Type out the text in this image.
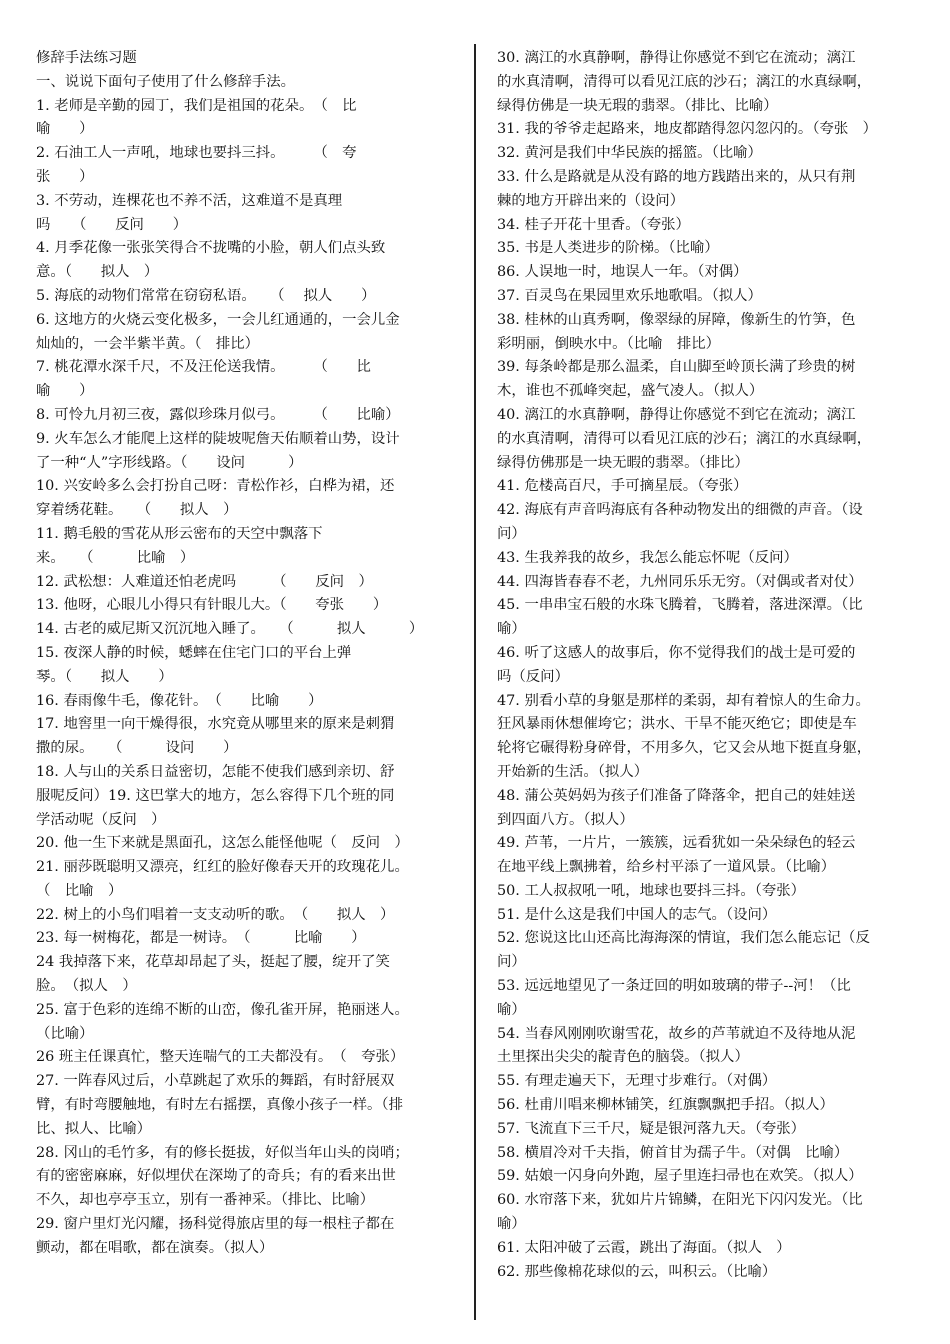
修辞手法练习题
一、说说下面句子使用了什么修辞手法。
1. 老师是辛勤的园丁，我们是祖国的花朵。　（　比
喻　　）
2. 石油工人一声吼，地球也要抖三抖。　　　（　夸
张　　）
3. 不劳动，连棵花也不养不活，这难道不是真理
吗　　（　　反问　　）
4. 月季花像一张张笑得合不拢嘴的小脸，朝人们点头致
意。（　　拟人　）
5. 海底的动物们常常在窃窃私语。　　（　 拟人　　）
6. 这地方的火烧云变化极多，一会儿红通通的，一会儿金
灿灿的，一会半紫半黄。（　排比）
7. 桃花潭水深千尺，不及汪伦送我情。　　　（　　比
喻　　）
8. 可怜九月初三夜，露似珍珠月似弓。　　　（　　比喻）
9. 火车怎么才能爬上这样的陡坡呢詹天佑顺着山势，设计
了一种“人”字形线路。（　　设问　　　）
10. 兴安岭多么会打扮自己呀：青松作衫，白桦为裙，还
穿着绣花鞋。　　（　　拟人　）
11. 鹅毛般的雪花从形云密布的天空中飘落下
来。　　（　　　比喻　）
12. 武松想：人难道还怕老虎吗　　　（　　反问　）
13. 他呀，心眼儿小得只有针眼儿大。（　　夸张　　）
14. 古老的威尼斯又沉沉地入睡了。　　（　　　拟人　　　）
15. 夜深人静的时候，蟋蟀在住宅门口的平台上弹
琴。（　　拟人　　）
16. 春雨像牛毛，像花针。　（　　比喻　　）
17. 地窖里一向干燥得很，水究竟从哪里来的原来是刺猬
撒的尿。　　（　　　设问　　）
18. 人与山的关系日益密切，怎能不使我们感到亲切、舒
服呢反问）19. 这巴掌大的地方，怎么容得下几个班的同
学活动呢（反问　）
20. 他一生下来就是黑面孔，这怎么能怪他呢（　反问　）
21. 丽莎既聪明又漂亮，红红的脸好像春天开的玫瑰花儿。
（　比喻　）
22. 树上的小鸟们唱着一支支动听的歌。　（　　拟人　）
23. 每一树梅花，都是一树诗。　（　　　比喻　　）
24 我掉落下来，花草却昂起了头，挺起了腰，绽开了笑
脸。　（拟人　）
25. 富于色彩的连绵不断的山峦，像孔雀开屏，艳丽迷人。
（比喻）
26 班主任课真忙，整天连喘气的工夫都没有。　（　夸张）
27. 一阵春风过后，小草跳起了欢乐的舞蹈，有时舒展双
臂，有时弯腰触地，有时左右摇摆，真像小孩子一样。（排
比、拟人、比喻）
28. 冈山的毛竹多，有的修长挺拔，好似当年山头的岗哨；
有的密密麻麻，好似埋伏在深坳了的奇兵；有的看来出世
不久，却也亭亭玉立，别有一番神采。（排比、比喻）
29. 窗户里灯光闪耀，扬科觉得旅店里的每一根柱子都在
颤动，都在唱歌，都在演奏。（拟人）
30. 漓江的水真静啊，静得让你感觉不到它在流动；漓江
的水真清啊，清得可以看见江底的沙石；漓江的水真绿啊，
绿得仿佛是一块无瑕的翡翠。（排比、比喻）
31. 我的爷爷走起路来，地皮都踏得忽闪忽闪的。（夸张　）
32. 黄河是我们中华民族的摇篮。（比喻）
33. 什么是路就是从没有路的地方践踏出来的，从只有荆
棘的地方开辟出来的（设问）
34. 桂子开花十里香。（夸张）
35. 书是人类进步的阶梯。（比喻）
86. 人误地一时，地误人一年。（对偶）
37. 百灵鸟在果园里欢乐地歌唱。（拟人）
38. 桂林的山真秀啊，像翠绿的屏障，像新生的竹笋，色
彩明丽，倒映水中。（比喻　排比）
39. 每条岭都是那么温柔，自山脚至岭顶长满了珍贵的树
木，谁也不孤峰突起，盛气凌人。（拟人）
40. 漓江的水真静啊，静得让你感觉不到它在流动；漓江
的水真清啊，清得可以看见江底的沙石；漓江的水真绿啊，
绿得仿佛那是一块无暇的翡翠。（排比）
41. 危楼高百尺，手可摘星辰。（夸张）
42. 海底有声音吗海底有各种动物发出的细微的声音。（设
问）
43. 生我养我的故乡，我怎么能忘怀呢（反问）
44. 四海皆春春不老，九州同乐乐无穷。（对偶或者对仗）
45. 一串串宝石般的水珠飞腾着，飞腾着，落进深潭。（比
喻）
46. 听了这感人的故事后，你不觉得我们的战士是可爱的
吗（反问）
47. 别看小草的身躯是那样的柔弱，却有着惊人的生命力。
狂风暴雨休想催垮它；洪水、干旱不能灭绝它；即使是车
轮将它碾得粉身碎骨，不用多久，它又会从地下挺直身躯，
开始新的生活。（拟人）
48. 蒲公英妈妈为孩子们准备了降落伞，把自己的娃娃送
到四面八方。（拟人）
49. 芦苇，一片片，一簇簇，远看犹如一朵朵绿色的轻云
在地平线上飘拂着，给乡村平添了一道风景。（比喻）
50. 工人叔叔吼一吼，地球也要抖三抖。（夸张）
51. 是什么这是我们中国人的志气。（设问）
52. 您说这比山还高比海海深的情谊，我们怎么能忘记（反
问）
53. 远远地望见了一条迂回的明如玻璃的带子--河！（比
喻）
54. 当春风刚刚吹谢雪花，故乡的芦苇就迫不及待地从泥
土里探出尖尖的靛青色的脑袋。（拟人）
55. 有理走遍天下，无理寸步难行。（对偶）
56. 杜甫川唱来柳林铺笑，红旗飘飘把手招。（拟人）
57. 飞流直下三千尺，疑是银河落九天。（夸张）
58. 横眉冷对千夫指，俯首甘为孺子牛。（对偶　比喻）
59. 姑娘一闪身向外跑，屋子里连扫帚也在欢笑。（拟人）
60. 水帘落下来，犹如片片锦鳞，在阳光下闪闪发光。（比
喻）
61. 太阳冲破了云霞，跳出了海面。（拟人　）
62. 那些像棉花球似的云，叫积云。（比喻）
